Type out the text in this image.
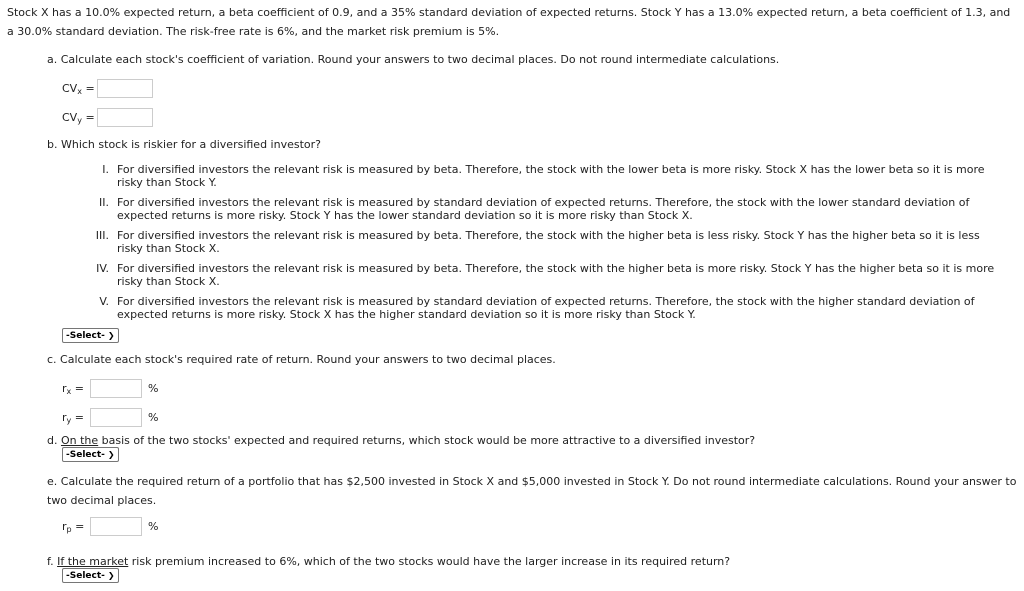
Stock X has a 10.0% expected return, a beta coefficient of 0.9, and a 35% standard deviation of expected returns. Stock Y has a 13.0% expected return, a beta coefficient of 1.3, and a 30.0% standard deviation. The risk-free rate is 6%, and the market risk premium is 5%.
a. Calculate each stock's coefficient of variation. Round your answers to two decimal places. Do not round intermediate calculations.
$CV_x$ =
$CV_y$ =
b. Which stock is riskier for a diversified investor?
I. For diversified investors the relevant risk is measured by beta. Therefore, the stock with the lower beta is more risky. Stock X has the lower beta so it is more risky than Stock Y.
II. For diversified investors the relevant risk is measured by standard deviation of expected returns. Therefore, the stock with the lower standard deviation of expected returns is more risky. Stock Y has the lower standard deviation so it is more risky than Stock X.
III. For diversified investors the relevant risk is measured by beta. Therefore, the stock with the higher beta is less risky. Stock Y has the higher beta so it is less risky than Stock X.
IV. For diversified investors the relevant risk is measured by beta. Therefore, the stock with the higher beta is more risky. Stock Y has the higher beta so it is more risky than Stock X.
V. For diversified investors the relevant risk is measured by standard deviation of expected returns. Therefore, the stock with the higher standard deviation of expected returns is more risky. Stock X has the higher standard deviation so it is more risky than Stock Y.
-Select- ❯
c. Calculate each stock's required rate of return. Round your answers to two decimal places.
$r_x$ =	%
$r_y$ =	%
d. On the basis of the two stocks' expected and required returns, which stock would be more attractive to a diversified investor?
-Select- ❯
e. Calculate the required return of a portfolio that has $2,500 invested in Stock X and $5,000 invested in Stock Y. Do not round intermediate calculations. Round your answer to two decimal places.
$r_p$ =	%
f. If the market risk premium increased to 6%, which of the two stocks would have the larger increase in its required return?
-Select- ❯
